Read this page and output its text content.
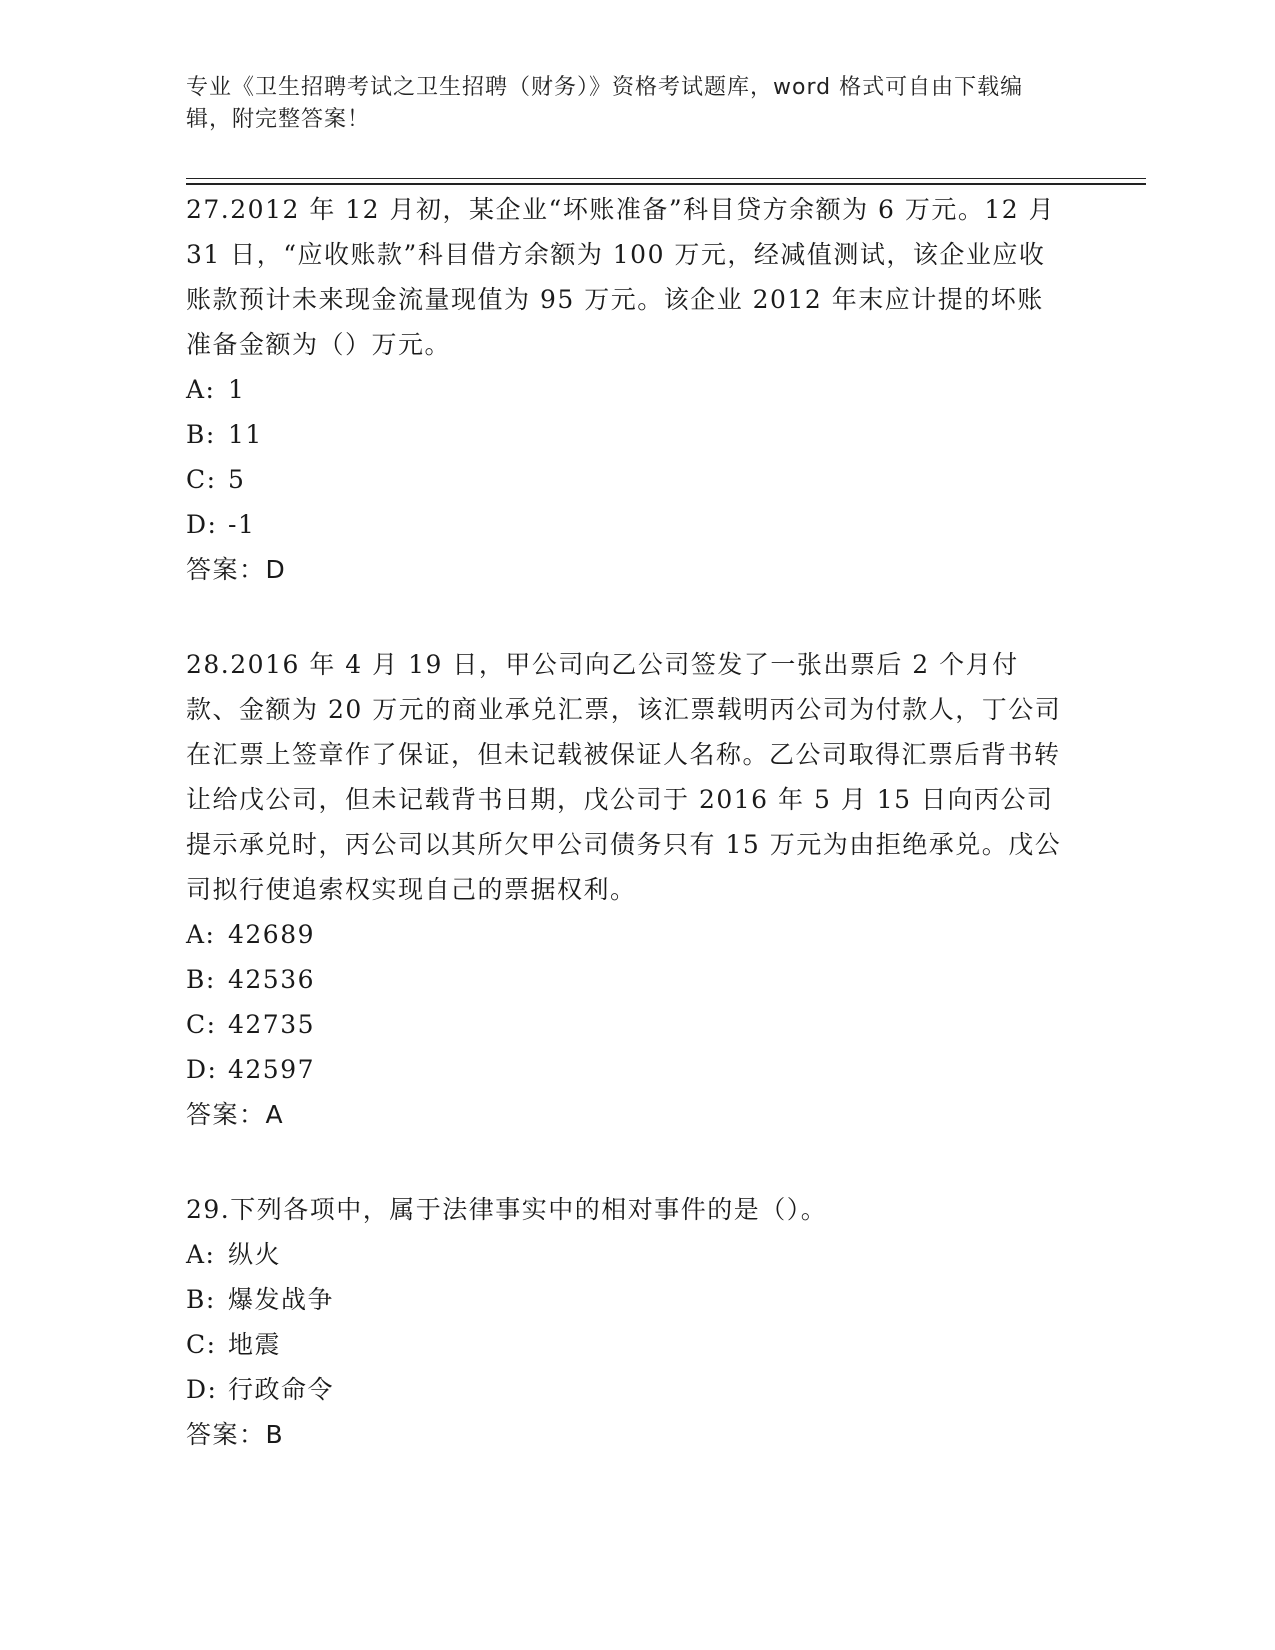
专业《卫生招聘考试之卫生招聘（财务）》资格考试题库，word 格式可自由下载编辑，附完整答案！

27.2012 年 12 月初，某企业“坏账准备”科目贷方余额为 6 万元。12 月 31 日，“应收账款”科目借方余额为 100 万元，经减值测试，该企业应收账款预计未来现金流量现值为 95 万元。该企业 2012 年末应计提的坏账准备金额为（）万元。

A: 1

B: 11

C: 5

D: -1

答案：D

28.2016 年 4 月 19 日，甲公司向乙公司签发了一张出票后 2 个月付款、金额为 20 万元的商业承兑汇票，该汇票载明丙公司为付款人，丁公司在汇票上签章作了保证，但未记载被保证人名称。乙公司取得汇票后背书转让给戊公司，但未记载背书日期，戊公司于 2016 年 5 月 15 日向丙公司提示承兑时，丙公司以其所欠甲公司债务只有 15 万元为由拒绝承兑。戊公司拟行使追索权实现自己的票据权利。

A: 42689

B: 42536

C: 42735

D: 42597

答案：A

29.下列各项中，属于法律事实中的相对事件的是（）。

A: 纵火

B: 爆发战争

C: 地震

D: 行政命令

答案：B
